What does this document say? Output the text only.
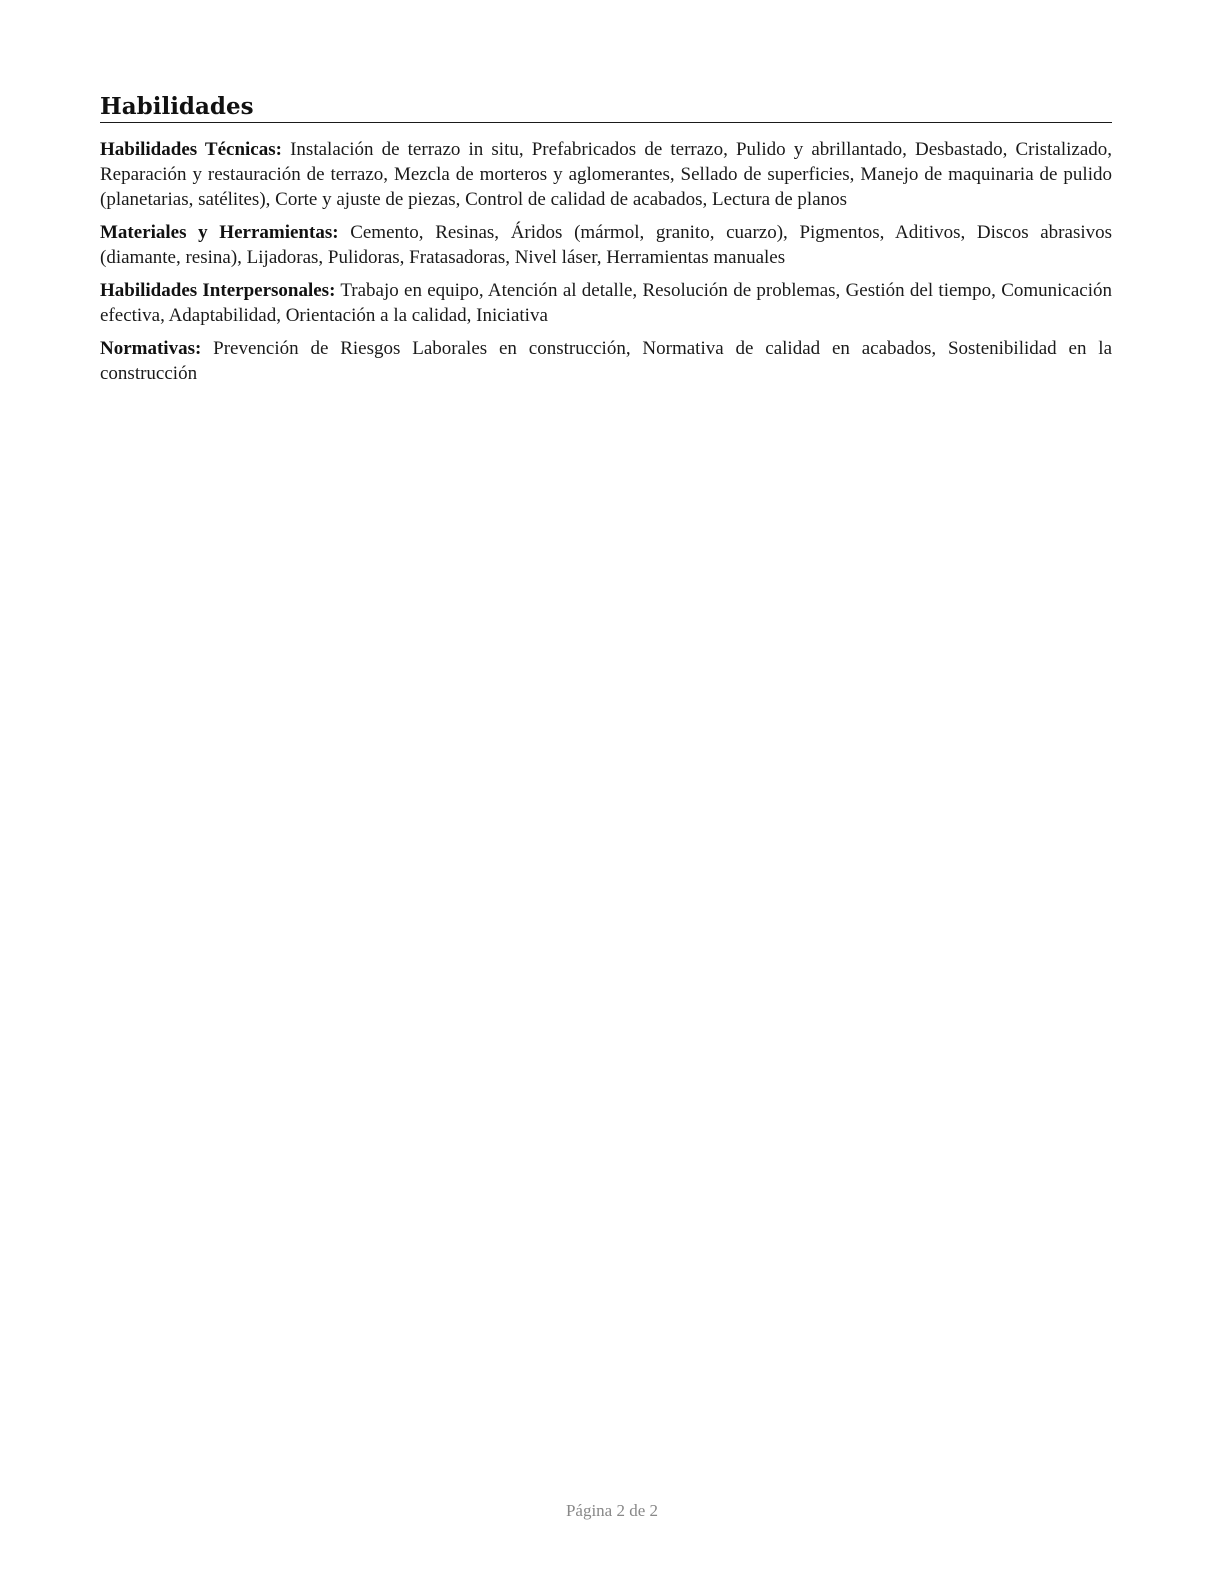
Habilidades

Habilidades Técnicas: Instalación de terrazo in situ, Prefabricados de terrazo, Pulido y abrillantado, Desbastado, Cristalizado, Reparación y restauración de terrazo, Mezcla de morteros y aglomerantes, Sellado de superficies, Manejo de maquinaria de pulido (planetarias, satélites), Corte y ajuste de piezas, Control de calidad de acabados, Lectura de planos

Materiales y Herramientas: Cemento, Resinas, Áridos (mármol, granito, cuarzo), Pigmentos, Aditivos, Discos abrasivos (diamante, resina), Lijadoras, Pulidoras, Fratasadoras, Nivel láser, Herramientas manuales

Habilidades Interpersonales: Trabajo en equipo, Atención al detalle, Resolución de problemas, Gestión del tiempo, Comunicación efectiva, Adaptabilidad, Orientación a la calidad, Iniciativa

Normativas: Prevención de Riesgos Laborales en construcción, Normativa de calidad en acabados, Sostenibilidad en la construcción

Página 2 de 2
